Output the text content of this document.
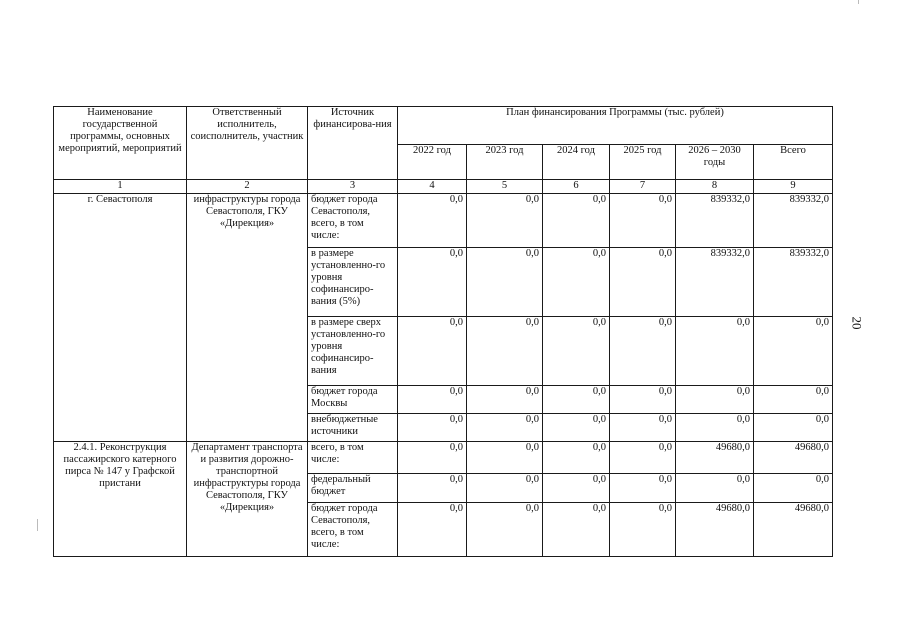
Наименование государственной программы, основных мероприятий, мероприятий	Ответственный исполнитель, соисполнитель, участник	Источник финансирова-ния	План финансирования Программы (тыс. рублей)					
			2022 год	2023 год	2024 год	2025 год	2026 – 2030 годы	Всего
1	2	3	4	5	6	7	8	9
г. Севастополя	инфраструктуры города Севастополя, ГКУ «Дирекция»	бюджет города Севастополя, всего, в том числе:	0,0	0,0	0,0	0,0	839332,0	839332,0
		в размере установленно-го уровня софинансиро-вания (5%)	0,0	0,0	0,0	0,0	839332,0	839332,0
		в размере сверх установленно-го уровня софинансиро-вания	0,0	0,0	0,0	0,0	0,0	0,0
		бюджет города Москвы	0,0	0,0	0,0	0,0	0,0	0,0
		внебюджетные источники	0,0	0,0	0,0	0,0	0,0	0,0
2.4.1. Реконструкция пассажирского катерного пирса № 147 у Графской пристани	Департамент транспорта и развития дорожно-транспортной инфраструктуры города Севастополя, ГКУ «Дирекция»	всего, в том числе:	0,0	0,0	0,0	0,0	49680,0	49680,0
		федеральный бюджет	0,0	0,0	0,0	0,0	0,0	0,0
		бюджет города Севастополя, всего, в том числе:	0,0	0,0	0,0	0,0	49680,0	49680,0
20
